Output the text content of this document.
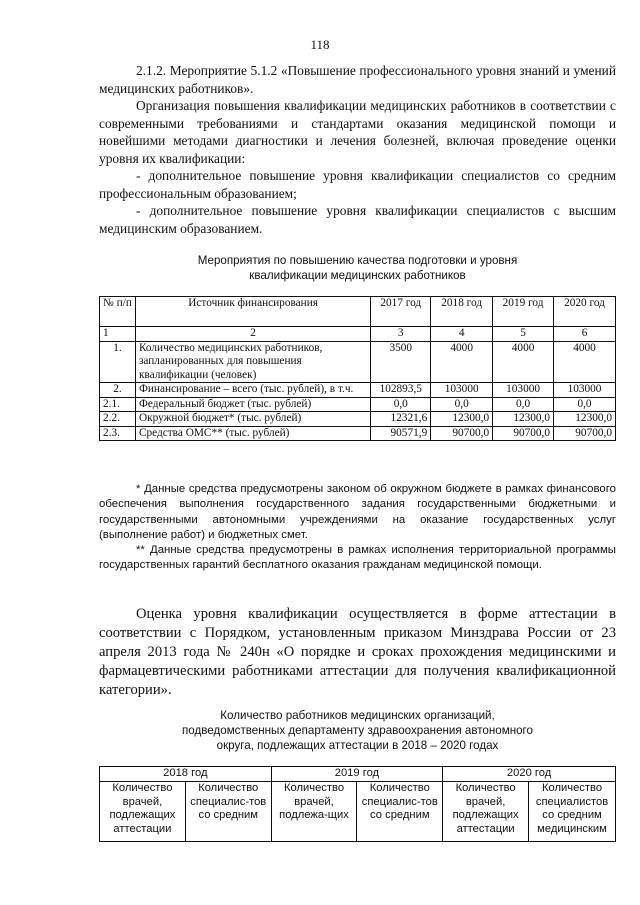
118
2.1.2. Мероприятие 5.1.2 «Повышение профессионального уровня знаний и умений медицинских работников».
Организация повышения квалификации медицинских работников в соответствии с современными требованиями и стандартами оказания медицинской помощи и новейшими методами диагностики и лечения болезней, включая проведение оценки уровня их квалификации:
- дополнительное повышение уровня квалификации специалистов со средним профессиональным образованием;
- дополнительное повышение уровня квалификации специалистов с высшим медицинским образованием.
Мероприятия по повышению качества подготовки и уровня
квалификации медицинских работников
№ п/п	Источник финансирования	2017 год	2018 год	2019 год	2020 год
1	2	3	4	5	6
1.	Количество медицинских работников, запланированных для повышения квалификации (человек)	3500	4000	4000	4000
2.	Финансирование – всего (тыс. рублей), в т.ч.	102893,5	103000	103000	103000
2.1.	Федеральный бюджет (тыс. рублей)	0,0	0,0	0,0	0,0
2.2.	Окружной бюджет* (тыс. рублей)	12321,6	12300,0	12300,0	12300,0
2.3.	Средства ОМС** (тыс. рублей)	90571,9	90700,0	90700,0	90700,0
* Данные средства предусмотрены законом об окружном бюджете в рамках финансового обеспечения выполнения государственного задания государственными бюджетными и государственными автономными учреждениями на оказание государственных услуг (выполнение работ) и бюджетных смет.
** Данные средства предусмотрены в рамках исполнения территориальной программы государственных гарантий бесплатного оказания гражданам медицинской помощи.
Оценка уровня квалификации осуществляется в форме аттестации в соответствии с Порядком, установленным приказом Минздрава России от 23 апреля 2013 года № 240н «О порядке и сроках прохождения медицинскими и фармацевтическими работниками аттестации для получения квалификационной категории».
Количество работников медицинских организаций,
подведомственных департаменту здравоохранения автономного
округа, подлежащих аттестации в 2018 – 2020 годах
2018 год		2019 год		2020 год	
Количество врачей, подлежащих аттестации	Количество специалис-тов со средним	Количество врачей, подлежа-щих	Количество специалис-тов со средним	Количество врачей, подлежащих аттестации	Количество специалистов со средним медицинским
